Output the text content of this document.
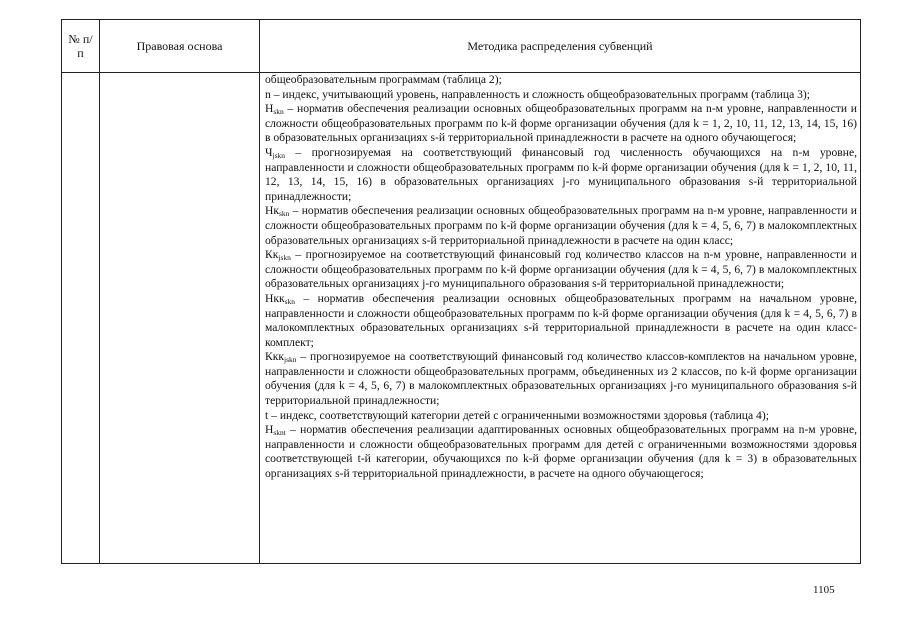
№ п/п	Правовая основа	Методика распределения субвенций

общеобразовательным программам (таблица 2);

n – индекс, учитывающий уровень, направленность и сложность общеобразовательных программ (таблица 3);

$Н_{skn}$ – норматив обеспечения реализации основных общеобразовательных программ на n-м уровне, направленности и сложности общеобразовательных программ по k-й форме организации обучения (для k = 1, 2, 10, 11, 12, 13, 14, 15, 16) в образовательных организациях s-й территориальной принадлежности в расчете на одного обучающегося;

$Ч_{jskn}$ – прогнозируемая на соответствующий финансовый год численность обучающихся на n-м уровне, направленности и сложности общеобразовательных программ по k-й форме организации обучения (для k = 1, 2, 10, 11, 12, 13, 14, 15, 16) в образовательных организациях j-го муниципального образования s-й территориальной принадлежности;

$Нк_{skn}$ – норматив обеспечения реализации основных общеобразовательных программ на n-м уровне, направленности и сложности общеобразовательных программ по k-й форме организации обучения (для k = 4, 5, 6, 7) в малокомплектных образовательных организациях s-й территориальной принадлежности в расчете на один класс;

$Кк_{jskn}$ – прогнозируемое на соответствующий финансовый год количество классов на n-м уровне, направленности и сложности общеобразовательных программ по k-й форме организации обучения (для k = 4, 5, 6, 7) в малокомплектных образовательных организациях j-го муниципального образования s-й территориальной принадлежности;

Нкк$_{skn}$ – норматив обеспечения реализации основных общеобразовательных программ на начальном уровне, направленности и сложности общеобразовательных программ по k-й форме организации обучения (для k = 4, 5, 6, 7) в малокомплектных образовательных организациях s-й территориальной принадлежности в расчете на один класс-комплект;

Ккк$_{jskn}$ – прогнозируемое на соответствующий финансовый год количество классов-комплектов на начальном уровне, направленности и сложности общеобразовательных программ, объединенных из 2 классов, по k-й форме организации обучения (для k = 4, 5, 6, 7) в малокомплектных образовательных организациях j-го муниципального образования s-й территориальной принадлежности;

t – индекс, соответствующий категории детей с ограниченными возможностями здоровья (таблица 4);

$Н_{sknt}$ – норматив обеспечения реализации адаптированных основных общеобразовательных программ на n-м уровне, направленности и сложности общеобразовательных программ для детей с ограниченными возможностями здоровья соответствующей t-й категории, обучающихся по k-й форме организации обучения (для k = 3) в образовательных организациях s-й территориальной принадлежности, в расчете на одного обучающегося;

1105
